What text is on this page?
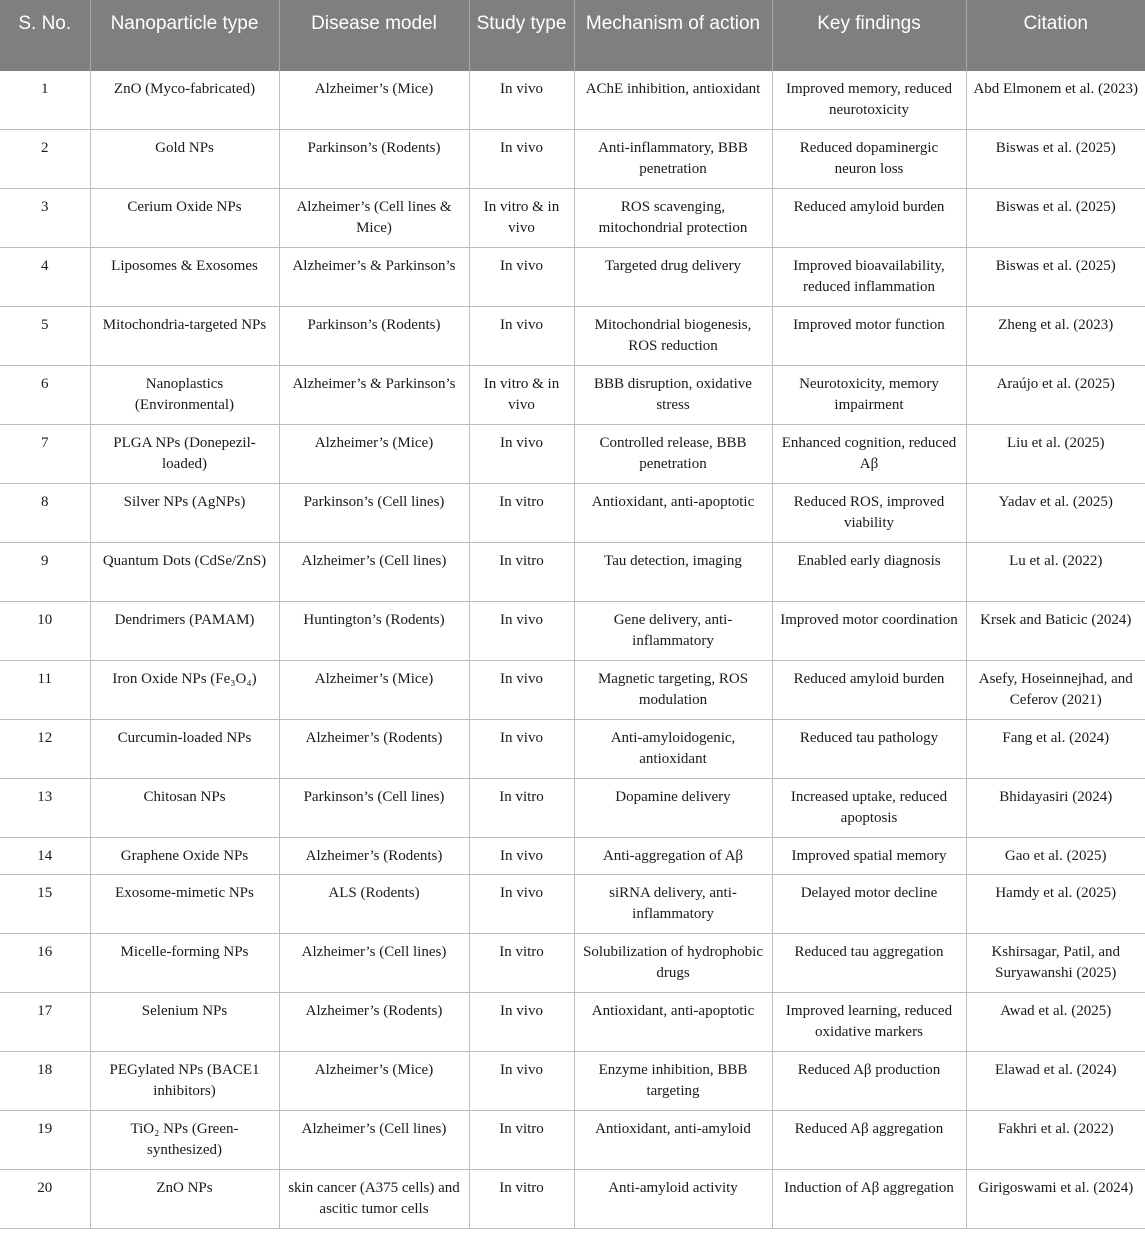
S. No.	Nanoparticle type	Disease model	Study type	Mechanism of action	Key findings	Citation
1	ZnO (Myco-fabricated)	Alzheimer’s (Mice)	In vivo	AChE inhibition, antioxidant	Improved memory, reduced neurotoxicity	Abd Elmonem et al. (2023)
2	Gold NPs	Parkinson’s (Rodents)	In vivo	Anti-inflammatory, BBB penetration	Reduced dopaminergic neuron loss	Biswas et al. (2025)
3	Cerium Oxide NPs	Alzheimer’s (Cell lines & Mice)	In vitro & in vivo	ROS scavenging, mitochondrial protection	Reduced amyloid burden	Biswas et al. (2025)
4	Liposomes & Exosomes	Alzheimer’s & Parkinson’s	In vivo	Targeted drug delivery	Improved bioavailability, reduced inflammation	Biswas et al. (2025)
5	Mitochondria-targeted NPs	Parkinson’s (Rodents)	In vivo	Mitochondrial biogenesis, ROS reduction	Improved motor function	Zheng et al. (2023)
6	Nanoplastics (Environmental)	Alzheimer’s & Parkinson’s	In vitro & in vivo	BBB disruption, oxidative stress	Neurotoxicity, memory impairment	Araújo et al. (2025)
7	PLGA NPs (Donepezil-loaded)	Alzheimer’s (Mice)	In vivo	Controlled release, BBB penetration	Enhanced cognition, reduced Aβ	Liu et al. (2025)
8	Silver NPs (AgNPs)	Parkinson’s (Cell lines)	In vitro	Antioxidant, anti-apoptotic	Reduced ROS, improved viability	Yadav et al. (2025)
9	Quantum Dots (CdSe/ZnS)	Alzheimer’s (Cell lines)	In vitro	Tau detection, imaging	Enabled early diagnosis	Lu et al. (2022)
10	Dendrimers (PAMAM)	Huntington’s (Rodents)	In vivo	Gene delivery, anti-inflammatory	Improved motor coordination	Krsek and Baticic (2024)
11	Iron Oxide NPs (Fe₃O₄)	Alzheimer’s (Mice)	In vivo	Magnetic targeting, ROS modulation	Reduced amyloid burden	Asefy, Hoseinnejhad, and Ceferov (2021)
12	Curcumin-loaded NPs	Alzheimer’s (Rodents)	In vivo	Anti-amyloidogenic, antioxidant	Reduced tau pathology	Fang et al. (2024)
13	Chitosan NPs	Parkinson’s (Cell lines)	In vitro	Dopamine delivery	Increased uptake, reduced apoptosis	Bhidayasiri (2024)
14	Graphene Oxide NPs	Alzheimer’s (Rodents)	In vivo	Anti-aggregation of Aβ	Improved spatial memory	Gao et al. (2025)
15	Exosome-mimetic NPs	ALS (Rodents)	In vivo	siRNA delivery, anti-inflammatory	Delayed motor decline	Hamdy et al. (2025)
16	Micelle-forming NPs	Alzheimer’s (Cell lines)	In vitro	Solubilization of hydrophobic drugs	Reduced tau aggregation	Kshirsagar, Patil, and Suryawanshi (2025)
17	Selenium NPs	Alzheimer’s (Rodents)	In vivo	Antioxidant, anti-apoptotic	Improved learning, reduced oxidative markers	Awad et al. (2025)
18	PEGylated NPs (BACE1 inhibitors)	Alzheimer’s (Mice)	In vivo	Enzyme inhibition, BBB targeting	Reduced Aβ production	Elawad et al. (2024)
19	TiO₂ NPs (Green-synthesized)	Alzheimer’s (Cell lines)	In vitro	Antioxidant, anti-amyloid	Reduced Aβ aggregation	Fakhri et al. (2022)
20	ZnO NPs	skin cancer (A375 cells) and ascitic tumor cells	In vitro	Anti-amyloid activity	Induction of Aβ aggregation	Girigoswami et al. (2024)
